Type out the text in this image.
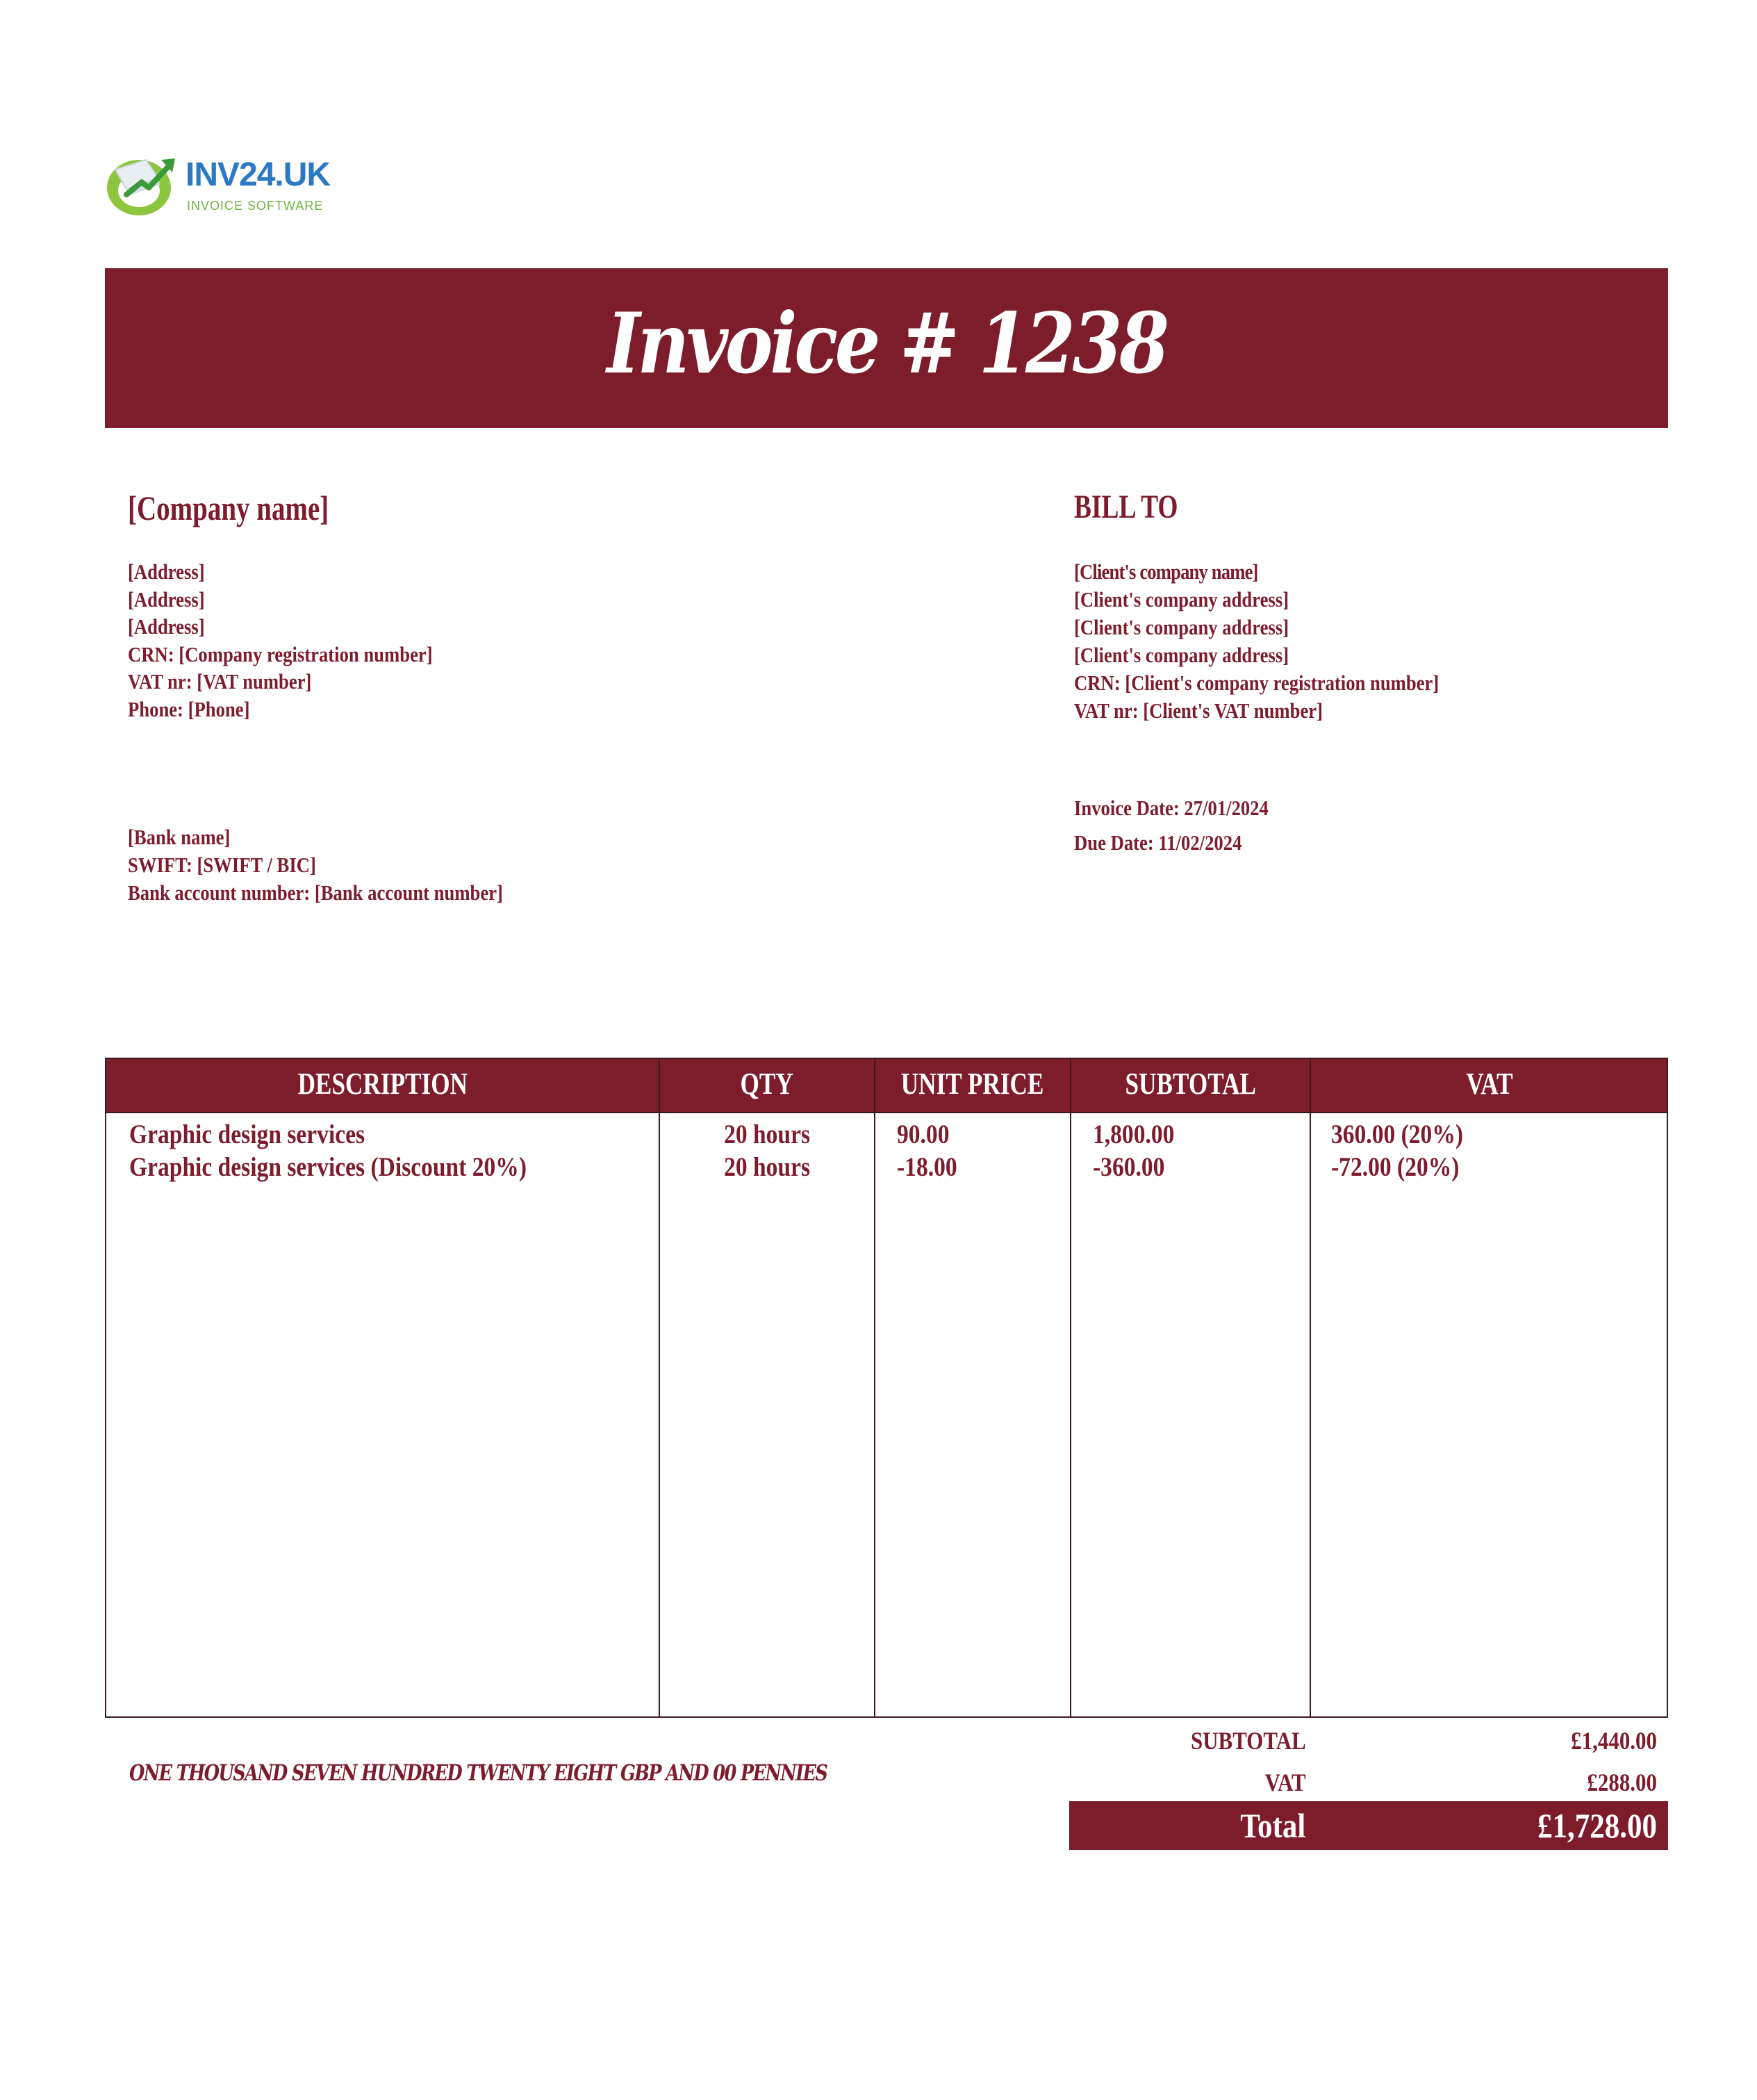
INV24.UK
INVOICE SOFTWARE
Invoice # 1238
[Company name]
[Address]
[Address]
[Address]
CRN: [Company registration number]
VAT nr: [VAT number]
Phone: [Phone]
[Bank name]
SWIFT: [SWIFT / BIC]
Bank account number: [Bank account number]
BILL TO
[Client's company name]
[Client's company address]
[Client's company address]
[Client's company address]
CRN: [Client's company registration number]
VAT nr: [Client's VAT number]
Invoice Date: 27/01/2024
Due Date: 11/02/2024
DESCRIPTION	QTY	UNIT PRICE	SUBTOTAL	VAT
Graphic design services	20 hours	90.00	1,800.00	360.00 (20%)
Graphic design services (Discount 20%)	20 hours	-18.00	-360.00	-72.00 (20%)
ONE THOUSAND SEVEN HUNDRED TWENTY EIGHT GBP AND 00 PENNIES
SUBTOTAL	£1,440.00
VAT	£288.00
Total	£1,728.00
